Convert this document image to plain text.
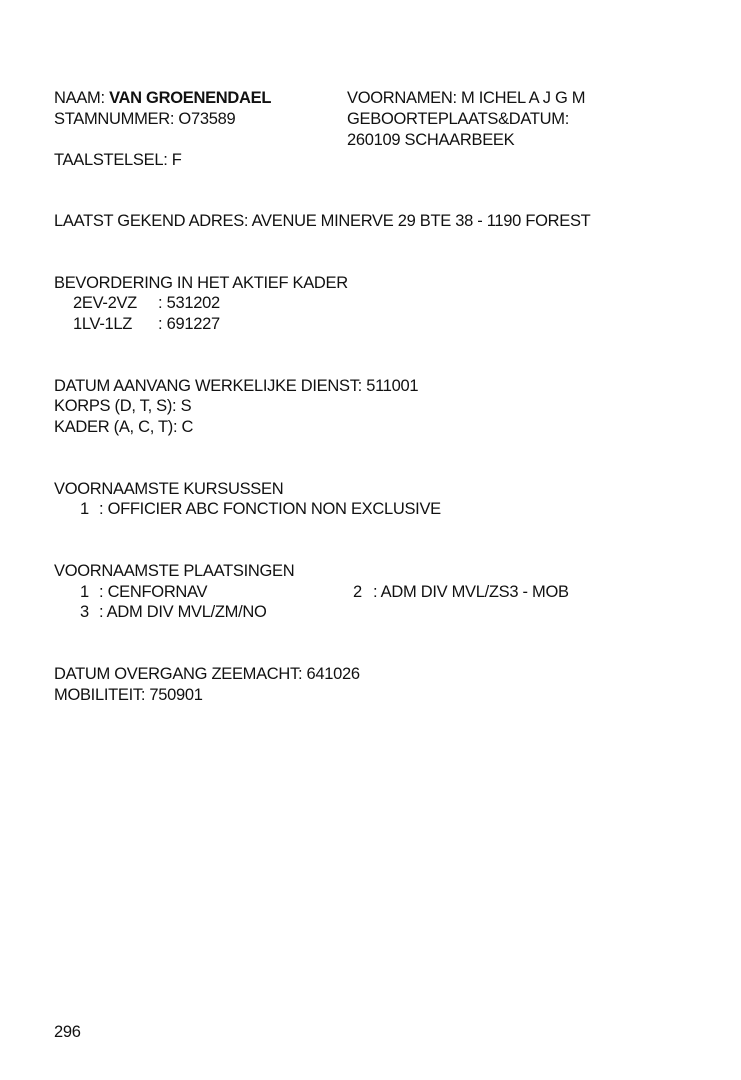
NAAM: VAN GROENENDAEL	VOORNAMEN: M ICHEL A J G M
STAMNUMMER: O73589	GEBOORTEPLAATS&DATUM:
260109 SCHAARBEEK
TAALSTELSEL: F
LAATST GEKEND ADRES: AVENUE MINERVE 29 BTE 38 - 1190 FOREST
BEVORDERING IN HET AKTIEF KADER
2EV-2VZ : 531202
1LV-1LZ : 691227
DATUM AANVANG WERKELIJKE DIENST: 511001
KORPS (D, T, S): S
KADER (A, C, T): C
VOORNAAMSTE KURSUSSEN
1 : OFFICIER ABC FONCTION NON EXCLUSIVE
VOORNAAMSTE PLAATSINGEN
1 : CENFORNAV	2 : ADM DIV MVL/ZS3 - MOB
3 : ADM DIV MVL/ZM/NO
DATUM OVERGANG ZEEMACHT: 641026
MOBILITEIT: 750901
296
